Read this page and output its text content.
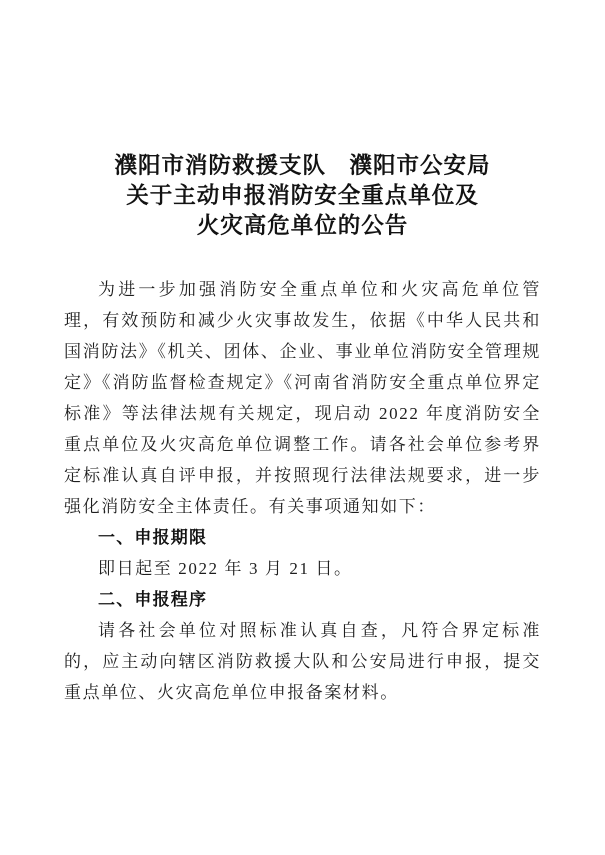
濮阳市消防救援支队　濮阳市公安局
关于主动申报消防安全重点单位及
火灾高危单位的公告

为进一步加强消防安全重点单位和火灾高危单位管理，有效预防和减少火灾事故发生，依据《中华人民共和国消防法》《机关、团体、企业、事业单位消防安全管理规定》《消防监督检查规定》《河南省消防安全重点单位界定标准》等法律法规有关规定，现启动 2022 年度消防安全重点单位及火灾高危单位调整工作。请各社会单位参考界定标准认真自评申报，并按照现行法律法规要求，进一步强化消防安全主体责任。有关事项通知如下：

一、申报期限

即日起至 2022 年 3 月 21 日。

二、申报程序

请各社会单位对照标准认真自查，凡符合界定标准的，应主动向辖区消防救援大队和公安局进行申报，提交重点单位、火灾高危单位申报备案材料。
